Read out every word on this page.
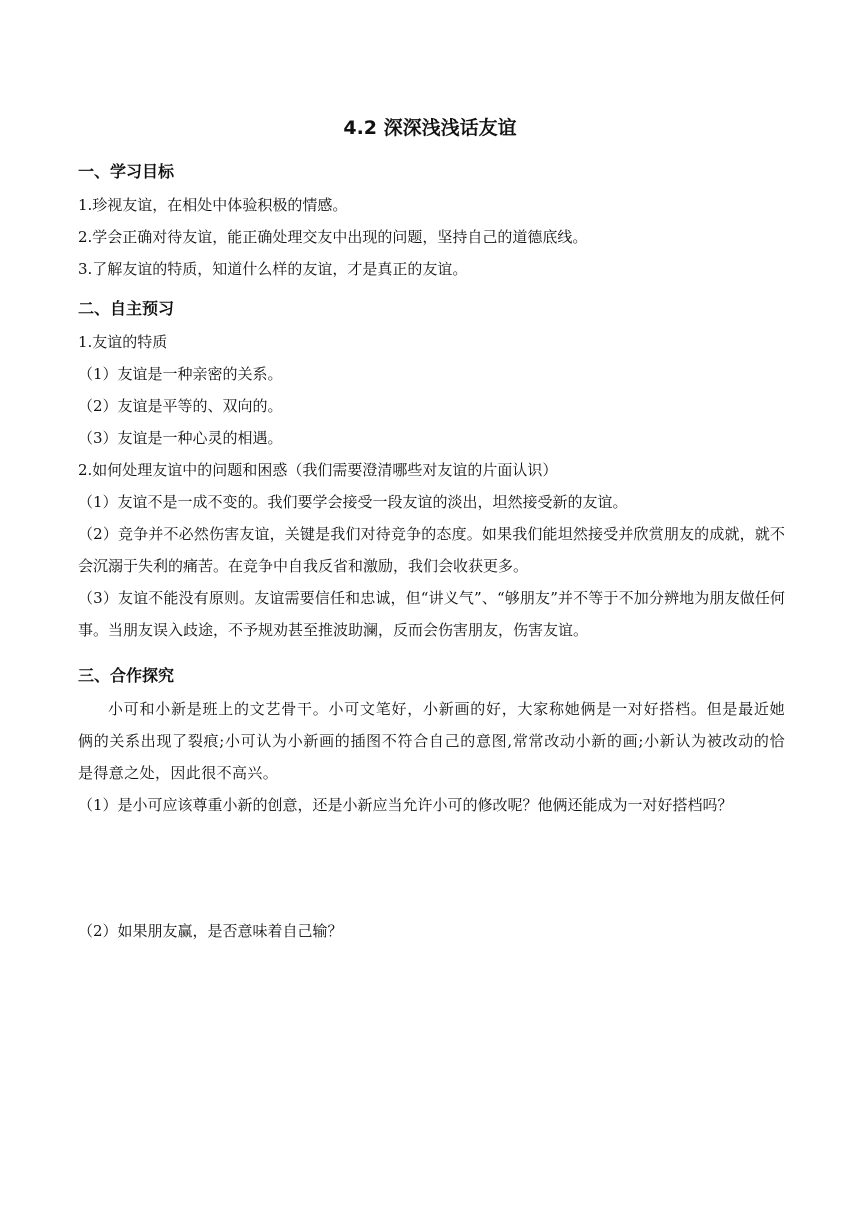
4.2 深深浅浅话友谊
一、学习目标
1.珍视友谊，在相处中体验积极的情感。
2.学会正确对待友谊，能正确处理交友中出现的问题，坚持自己的道德底线。
3.了解友谊的特质，知道什么样的友谊，才是真正的友谊。
二、自主预习
1.友谊的特质
（1）友谊是一种亲密的关系。
（2）友谊是平等的、双向的。
（3）友谊是一种心灵的相遇。
2.如何处理友谊中的问题和困惑（我们需要澄清哪些对友谊的片面认识）
（1）友谊不是一成不变的。我们要学会接受一段友谊的淡出，坦然接受新的友谊。
（2）竞争并不必然伤害友谊，关键是我们对待竞争的态度。如果我们能坦然接受并欣赏朋友的成就，就不会沉溺于失利的痛苦。在竞争中自我反省和激励，我们会收获更多。
（3）友谊不能没有原则。友谊需要信任和忠诚，但“讲义气”、“够朋友”并不等于不加分辨地为朋友做任何事。当朋友误入歧途，不予规劝甚至推波助澜，反而会伤害朋友，伤害友谊。
三、合作探究
小可和小新是班上的文艺骨干。小可文笔好，小新画的好，大家称她俩是一对好搭档。但是最近她俩的关系出现了裂痕;小可认为小新画的插图不符合自己的意图,常常改动小新的画;小新认为被改动的恰是得意之处，因此很不高兴。
（1）是小可应该尊重小新的创意，还是小新应当允许小可的修改呢？他俩还能成为一对好搭档吗？
（2）如果朋友赢，是否意味着自己输？
